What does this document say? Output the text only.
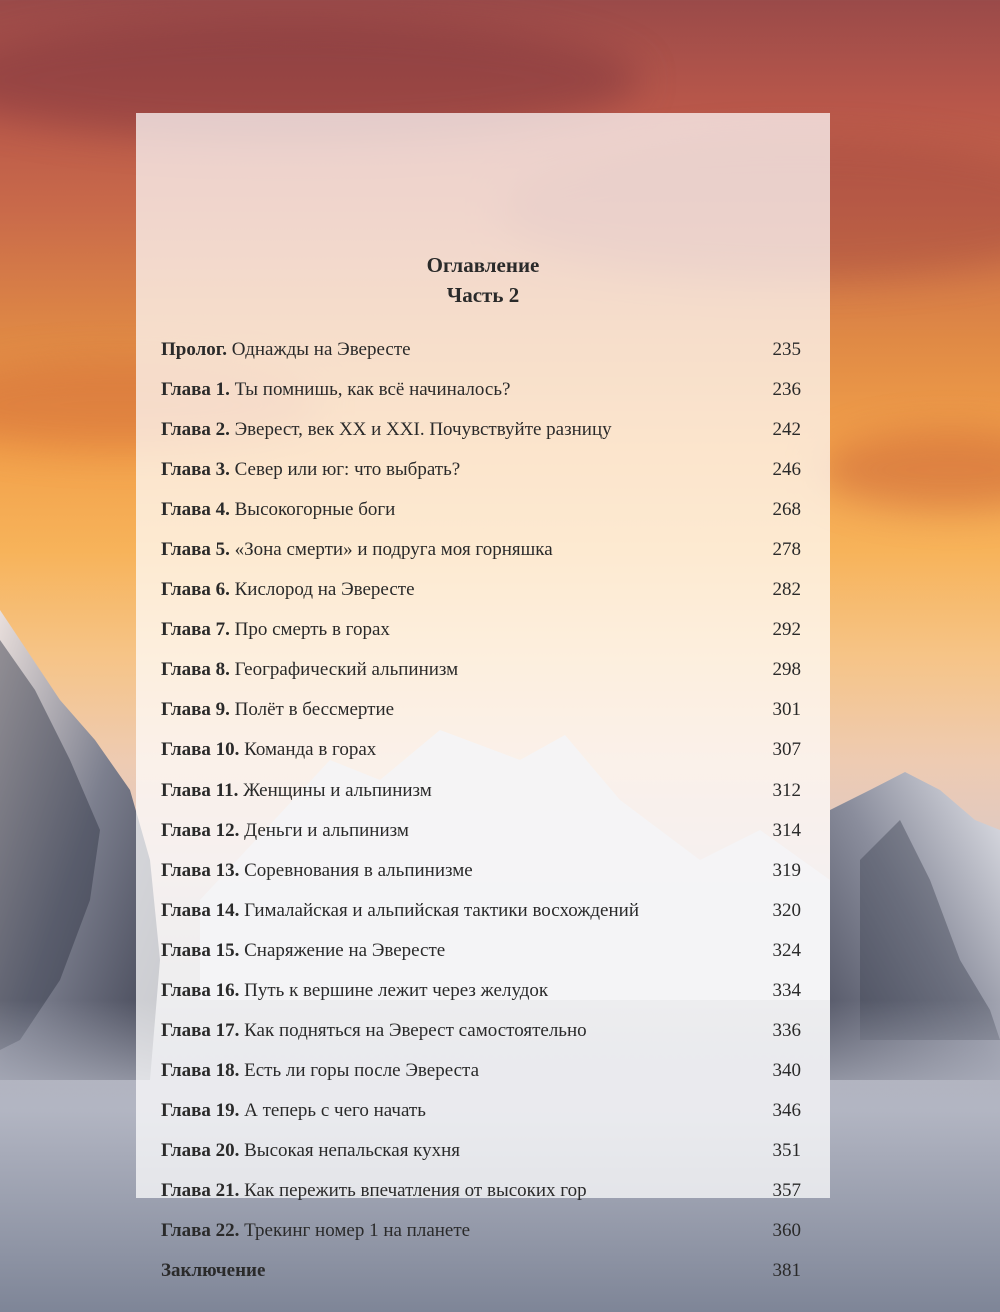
Оглавление

Часть 2

Пролог. Однажды на Эвересте	235
Глава 1. Ты помнишь, как всё начиналось?	236
Глава 2. Эверест, век XX и XXI. Почувствуйте разницу	242
Глава 3. Север или юг: что выбрать?	246
Глава 4. Высокогорные боги	268
Глава 5. «Зона смерти» и подруга моя горняшка	278
Глава 6. Кислород на Эвересте	282
Глава 7. Про смерть в горах	292
Глава 8. Географический альпинизм	298
Глава 9. Полёт в бессмертие	301
Глава 10. Команда в горах	307
Глава 11. Женщины и альпинизм	312
Глава 12. Деньги и альпинизм	314
Глава 13. Соревнования в альпинизме	319
Глава 14. Гималайская и альпийская тактики восхождений	320
Глава 15. Снаряжение на Эвересте	324
Глава 16. Путь к вершине лежит через желудок	334
Глава 17. Как подняться на Эверест самостоятельно	336
Глава 18. Есть ли горы после Эвереста	340
Глава 19. А теперь с чего начать	346
Глава 20. Высокая непальская кухня	351
Глава 21. Как пережить впечатления от высоких гор	357
Глава 22. Трекинг номер 1 на планете	360
Заключение	381
